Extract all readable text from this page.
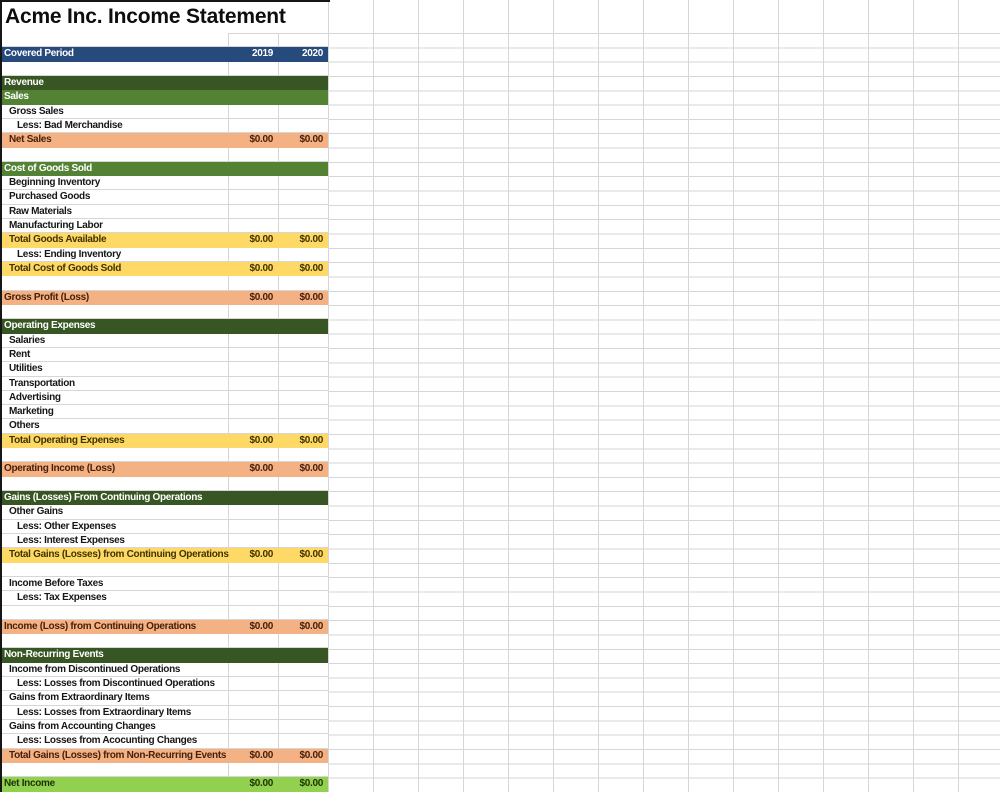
Acme Inc. Income Statement
Covered Period	2019	2020
Revenue
Sales
Gross Sales
Less: Bad Merchandise
Net Sales	$0.00	$0.00
Cost of Goods Sold
Beginning Inventory
Purchased Goods
Raw Materials
Manufacturing Labor
Total Goods Available	$0.00	$0.00
Less: Ending Inventory
Total Cost of Goods Sold	$0.00	$0.00
Gross Profit (Loss)	$0.00	$0.00
Operating Expenses
Salaries
Rent
Utilities
Transportation
Advertising
Marketing
Others
Total Operating Expenses	$0.00	$0.00
Operating Income (Loss)	$0.00	$0.00
Gains (Losses) From Continuing Operations
Other Gains
Less: Other Expenses
Less: Interest Expenses
Total Gains (Losses) from Continuing Operations	$0.00	$0.00
Income Before Taxes
Less: Tax Expenses
Income (Loss) from Continuing Operations	$0.00	$0.00
Non-Recurring Events
Income from Discontinued Operations
Less: Losses from Discontinued Operations
Gains from Extraordinary Items
Less: Losses from Extraordinary Items
Gains from Accounting Changes
Less: Losses from Acocunting Changes
Total Gains (Losses) from Non-Recurring Events	$0.00	$0.00
Net Income	$0.00	$0.00
